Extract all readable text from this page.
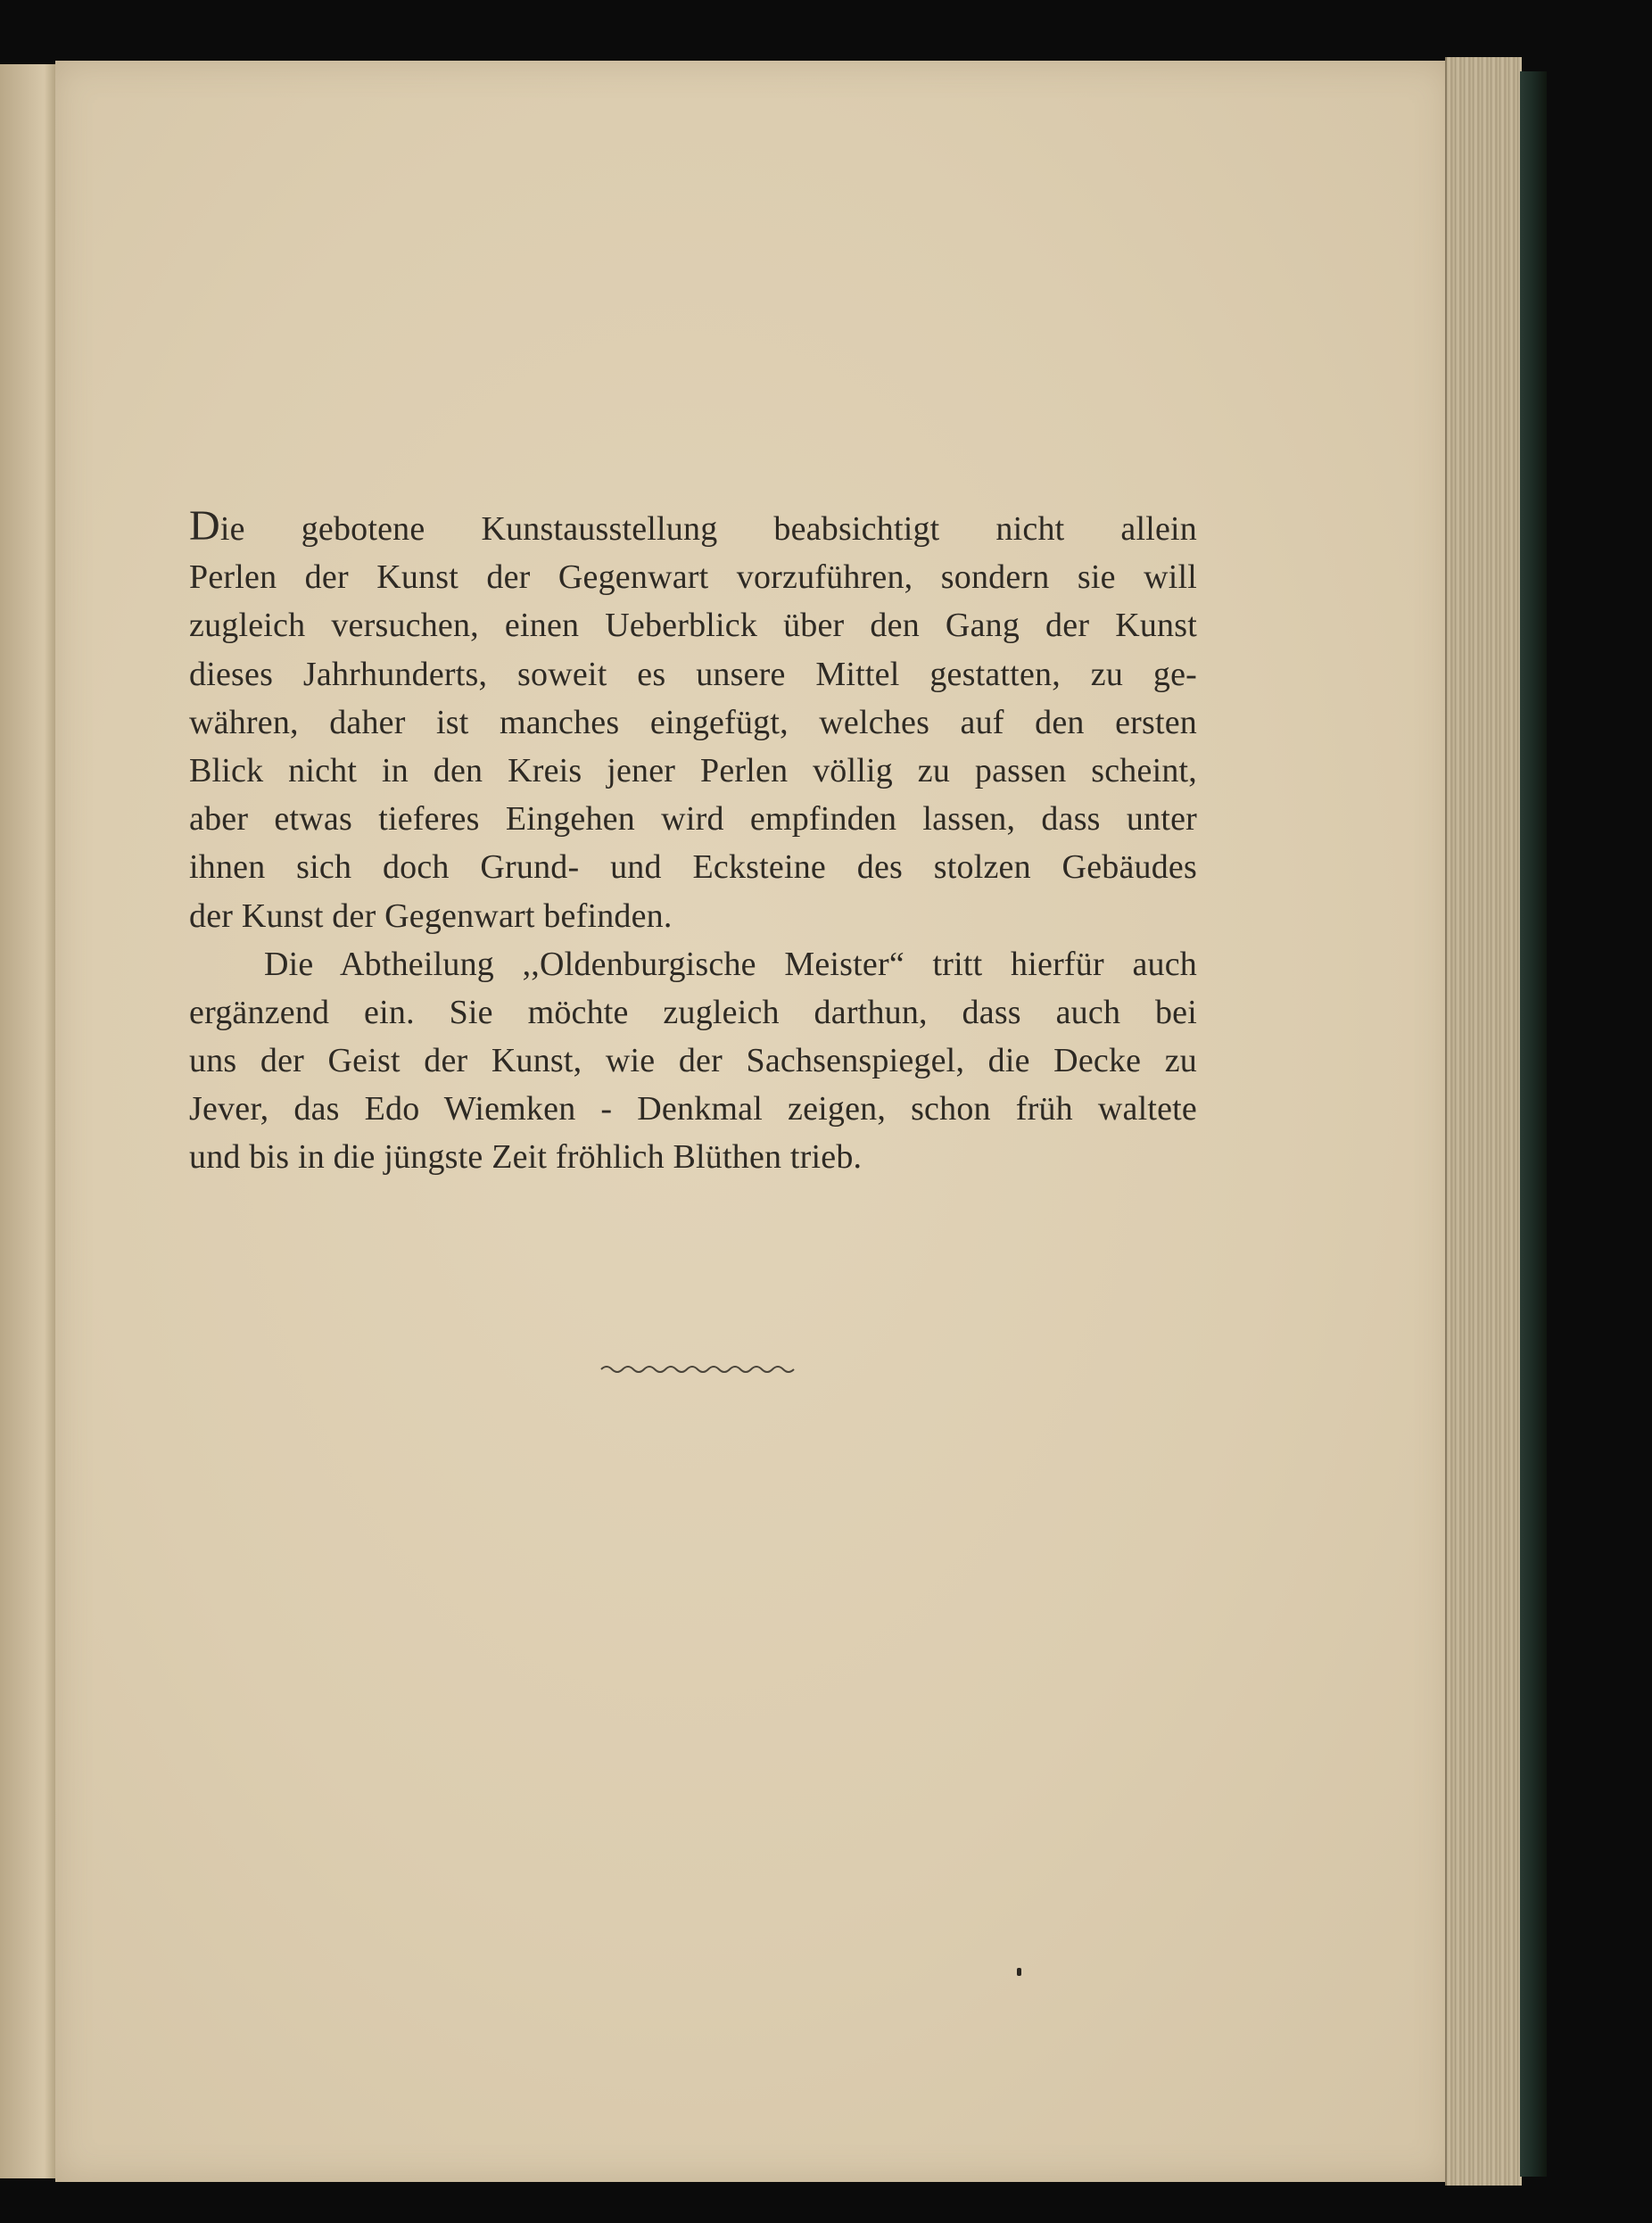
Die gebotene Kunstausstellung beabsichtigt nicht allein
Perlen der Kunst der Gegenwart vorzuführen, sondern sie will
zugleich versuchen, einen Ueberblick über den Gang der Kunst
dieses Jahrhunderts, soweit es unsere Mittel gestatten, zu ge-
währen, daher ist manches eingefügt, welches auf den ersten
Blick nicht in den Kreis jener Perlen völlig zu passen scheint,
aber etwas tieferes Eingehen wird empfinden lassen, dass unter
ihnen sich doch Grund- und Ecksteine des stolzen Gebäudes
der Kunst der Gegenwart befinden.
Die Abtheilung ,,Oldenburgische Meister“ tritt hierfür auch
ergänzend ein. Sie möchte zugleich darthun, dass auch bei
uns der Geist der Kunst, wie der Sachsenspiegel, die Decke zu
Jever, das Edo Wiemken - Denkmal zeigen, schon früh waltete
und bis in die jüngste Zeit fröhlich Blüthen trieb.
